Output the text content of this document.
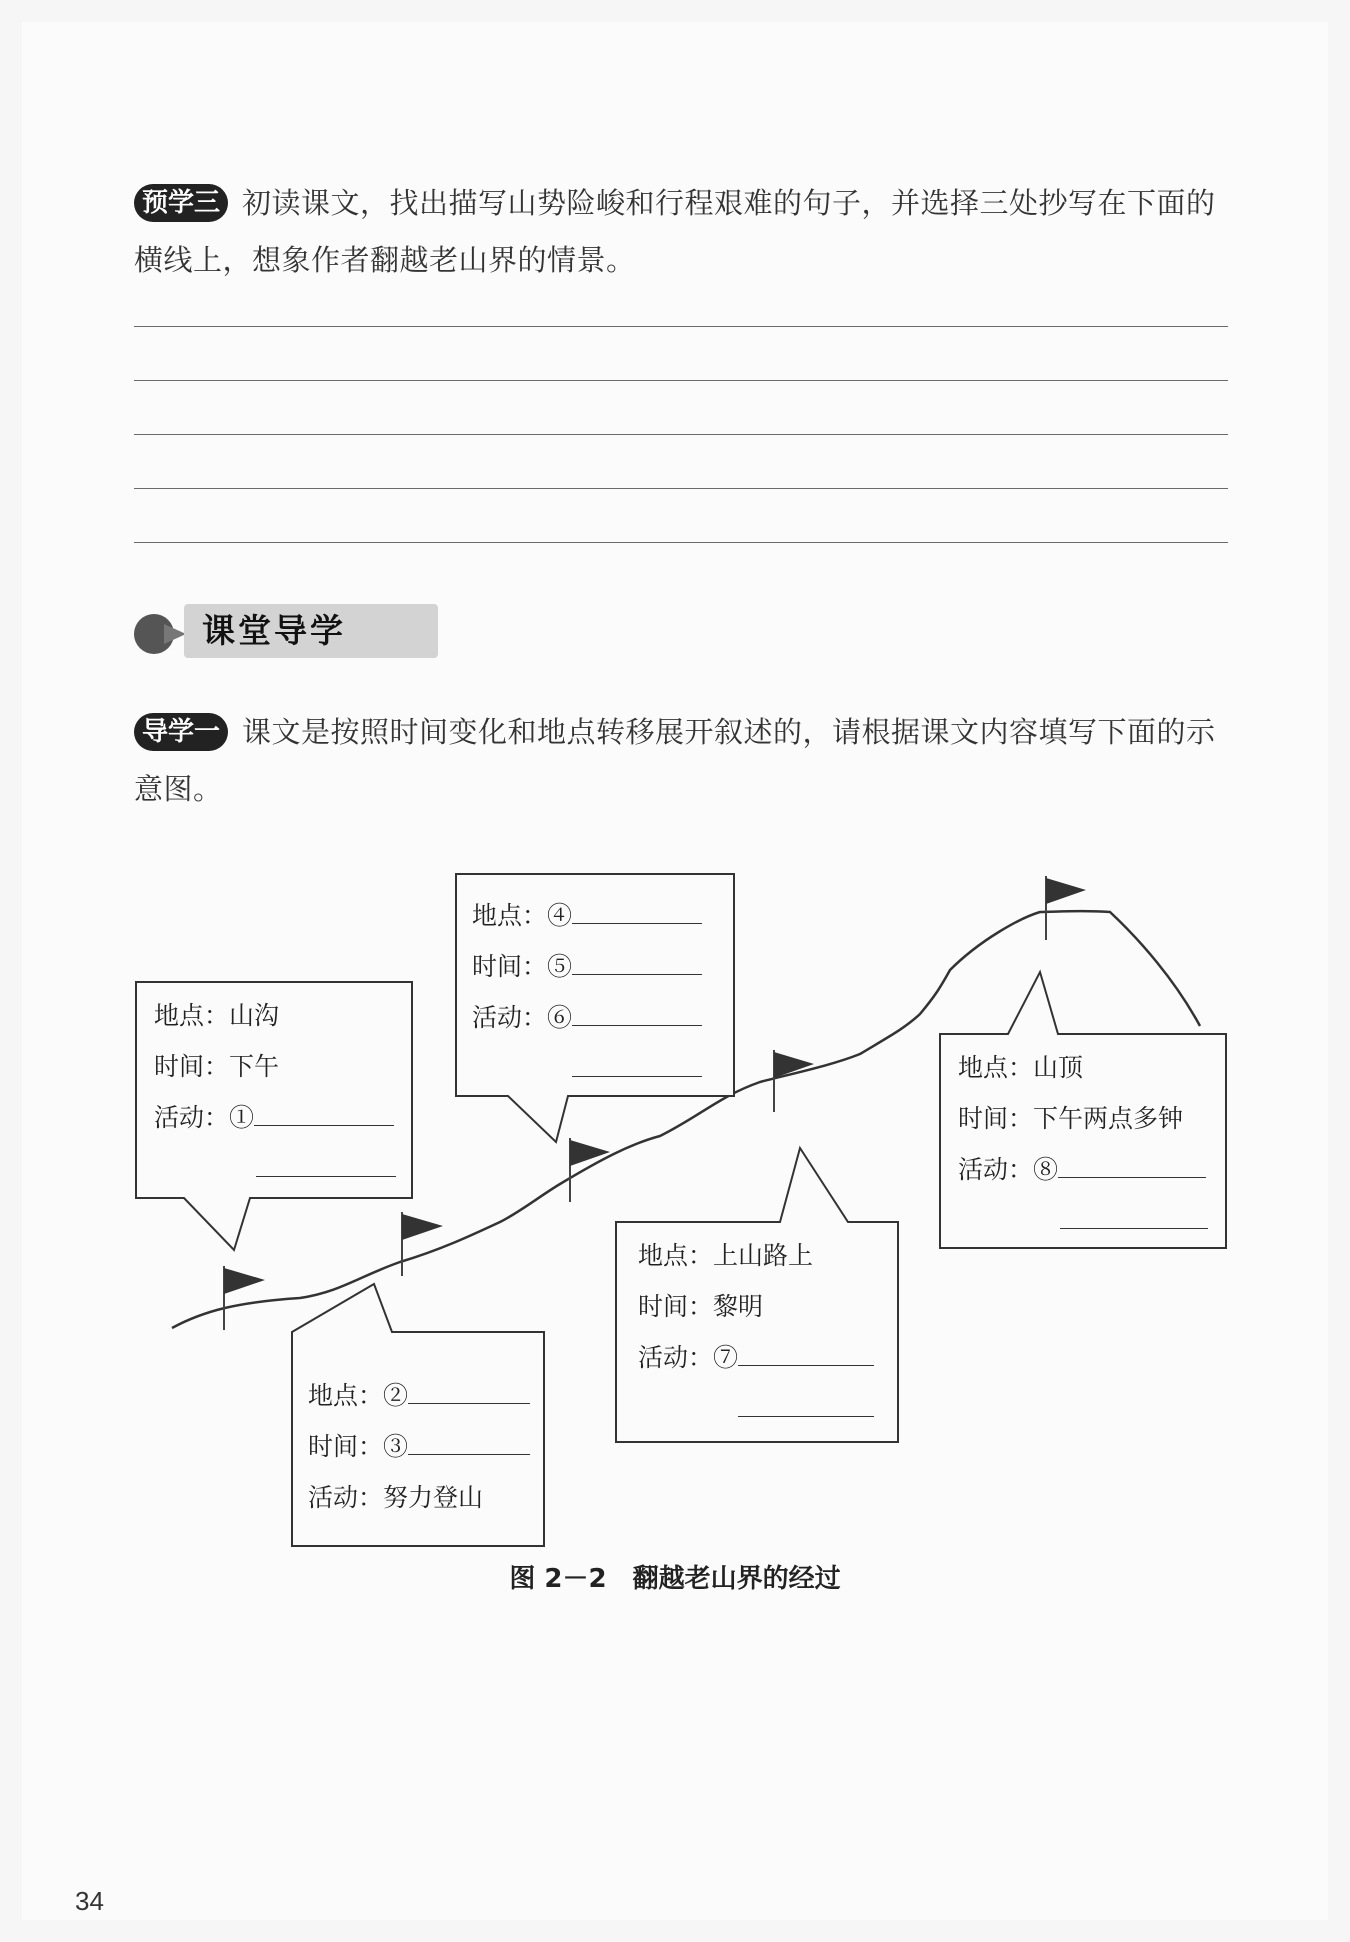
预学三 初读课文，找出描写山势险峻和行程艰难的句子，并选择三处抄写在下面的横线上，想象作者翻越老山界的情景。
课堂导学
导学一 课文是按照时间变化和地点转移展开叙述的，请根据课文内容填写下面的示意图。
地点：山沟
时间：下午
活动：①
地点：②
时间：③
活动：努力登山
地点：④
时间：⑤
活动：⑥
地点：上山路上
时间：黎明
活动：⑦
地点：山顶
时间：下午两点多钟
活动：⑧
图 2－2 翻越老山界的经过
34
